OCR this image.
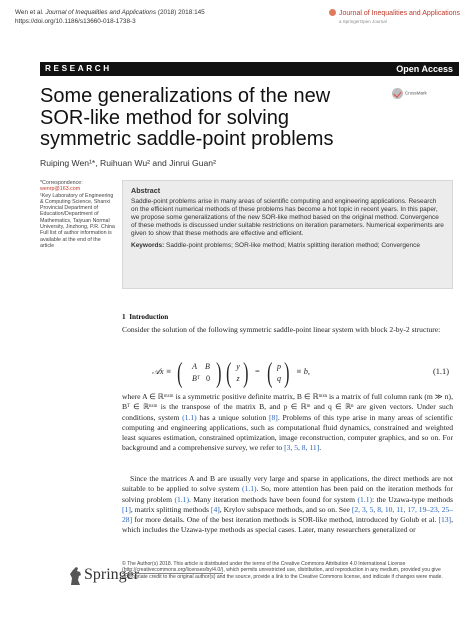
Wen et al. Journal of Inequalities and Applications (2018) 2018:145
https://doi.org/10.1186/s13660-018-1738-3
Journal of Inequalities and Applications
a SpringerOpen Journal
RESEARCH	Open Access
Some generalizations of the new SOR-like method for solving symmetric saddle-point problems
CrossMark
Ruiping Wen¹*, Ruihuan Wu² and Jinrui Guan²
*Correspondence: wenrp@163.com
¹Key Laboratory of Engineering & Computing Science, Shanxi Provincial Department of Education/Department of Mathematics, Taiyuan Normal University, Jinzhong, P.R. China Full list of author information is available at the end of the article
Abstract
Saddle-point problems arise in many areas of scientific computing and engineering applications. Research on the efficient numerical methods of these problems has become a hot topic in recent years. In this paper, we propose some generalizations of the new SOR-like method based on the original method. Convergence of these methods is discussed under suitable restrictions on iteration parameters. Numerical experiments are given to show that these methods are effective and efficient.
Keywords: Saddle-point problems; SOR-like method; Matrix splitting iteration method; Convergence
1 Introduction
Consider the solution of the following symmetric saddle-point linear system with block 2-by-2 structure:
𝒜x ≡ (	A B
Bᵀ 0 ) ( y
z ) = ( p
q ) ≡ b,	(1.1)
where A ∈ ℝᵐˣᵐ is a symmetric positive definite matrix, B ∈ ℝᵐˣⁿ is a matrix of full column rank (m ≫ n), Bᵀ ∈ ℝⁿˣᵐ is the transpose of the matrix B, and p ∈ ℝᵐ and q ∈ ℝⁿ are given vectors. Under such conditions, system (1.1) has a unique solution [8]. Problems of this type arise in many areas of scientific computing and engineering applications, such as computational fluid dynamics, constrained and weighted least squares estimation, constrained optimization, image reconstruction, computer graphics, and so on. For background and a comprehensive survey, we refer to [3, 5, 8, 11].
Since the matrices A and B are usually very large and sparse in applications, the direct methods are not suitable to be applied to solve system (1.1). So, more attention has been paid on the iteration methods for solving problem (1.1). Many iteration methods have been found for system (1.1): the Uzawa-type methods [1], matrix splitting methods [4], Krylov subspace methods, and so on. See [2, 3, 5, 8, 10, 11, 17, 19–23, 25–28] for more details. One of the best iteration methods is SOR-like method, introduced by Golub et al. [13], which includes the Uzawa-type methods as special cases. Later, many researchers generalized or
Springer
© The Author(s) 2018. This article is distributed under the terms of the Creative Commons Attribution 4.0 International License (http://creativecommons.org/licenses/by/4.0/), which permits unrestricted use, distribution, and reproduction in any medium, provided you give appropriate credit to the original author(s) and the source, provide a link to the Creative Commons license, and indicate if changes were made.
